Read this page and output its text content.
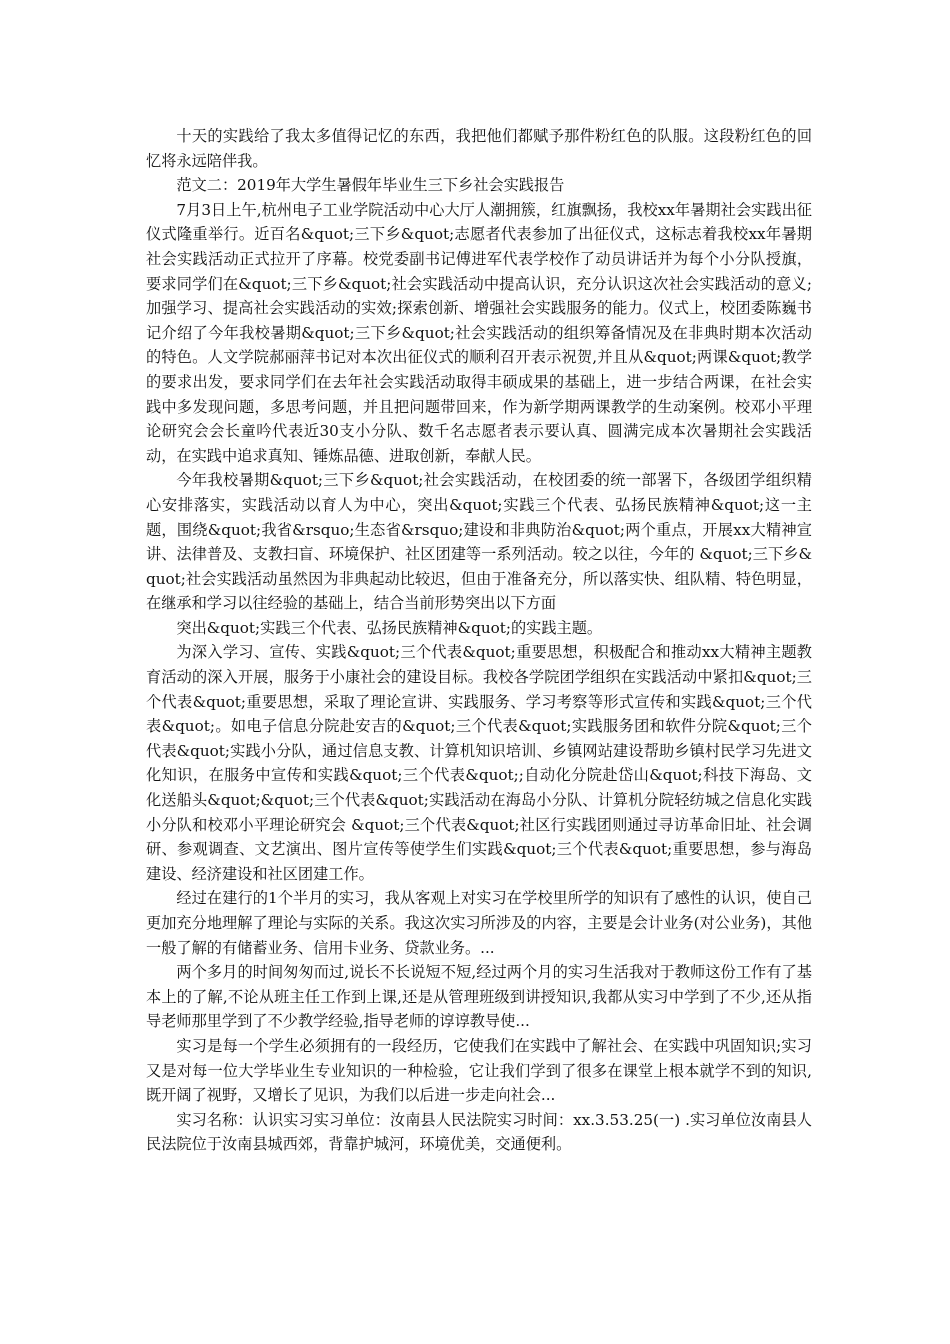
十天的实践给了我太多值得记忆的东西，我把他们都赋予那件粉红色的队服。这段粉红色的回忆将永远陪伴我。

范文二：2019年大学生暑假年毕业生三下乡社会实践报告

7月3日上午,杭州电子工业学院活动中心大厅人潮拥簇，红旗飘扬，我校xx年暑期社会实践出征仪式隆重举行。近百名&quot;三下乡&quot;志愿者代表参加了出征仪式，这标志着我校xx年暑期社会实践活动正式拉开了序幕。校党委副书记傅进军代表学校作了动员讲话并为每个小分队授旗，要求同学们在&quot;三下乡&quot;社会实践活动中提高认识，充分认识这次社会实践活动的意义;加强学习、提高社会实践活动的实效;探索创新、增强社会实践服务的能力。仪式上，校团委陈巍书记介绍了今年我校暑期&quot;三下乡&quot;社会实践活动的组织筹备情况及在非典时期本次活动的特色。人文学院郝丽萍书记对本次出征仪式的顺利召开表示祝贺,并且从&quot;两课&quot;教学的要求出发，要求同学们在去年社会实践活动取得丰硕成果的基础上，进一步结合两课，在社会实践中多发现问题，多思考问题，并且把问题带回来，作为新学期两课教学的生动案例。校邓小平理论研究会会长童吟代表近30支小分队、数千名志愿者表示要认真、圆满完成本次暑期社会实践活动，在实践中追求真知、锤炼品德、进取创新，奉献人民。

今年我校暑期&quot;三下乡&quot;社会实践活动，在校团委的统一部署下，各级团学组织精心安排落实，实践活动以育人为中心，突出&quot;实践三个代表、弘扬民族精神&quot;这一主题，围绕&quot;我省&rsquo;生态省&rsquo;建设和非典防治&quot;两个重点，开展xx大精神宣讲、法律普及、支教扫盲、环境保护、社区团建等一系列活动。较之以往，今年的 &quot;三下乡&quot;社会实践活动虽然因为非典起动比较迟，但由于准备充分，所以落实快、组队精、特色明显，在继承和学习以往经验的基础上，结合当前形势突出以下方面

突出&quot;实践三个代表、弘扬民族精神&quot;的实践主题。

为深入学习、宣传、实践&quot;三个代表&quot;重要思想，积极配合和推动xx大精神主题教育活动的深入开展，服务于小康社会的建设目标。我校各学院团学组织在实践活动中紧扣&quot;三个代表&quot;重要思想，采取了理论宣讲、实践服务、学习考察等形式宣传和实践&quot;三个代表&quot;。如电子信息分院赴安吉的&quot;三个代表&quot;实践服务团和软件分院&quot;三个代表&quot;实践小分队，通过信息支教、计算机知识培训、乡镇网站建设帮助乡镇村民学习先进文化知识，在服务中宣传和实践&quot;三个代表&quot;;自动化分院赴岱山&quot;科技下海岛、文化送船头&quot;&quot;三个代表&quot;实践活动在海岛小分队、计算机分院轻纺城之信息化实践小分队和校邓小平理论研究会 &quot;三个代表&quot;社区行实践团则通过寻访革命旧址、社会调研、参观调查、文艺演出、图片宣传等使学生们实践&quot;三个代表&quot;重要思想，参与海岛建设、经济建设和社区团建工作。

经过在建行的1个半月的实习，我从客观上对实习在学校里所学的知识有了感性的认识，使自己更加充分地理解了理论与实际的关系。我这次实习所涉及的内容，主要是会计业务(对公业务)，其他一般了解的有储蓄业务、信用卡业务、贷款业务。...

两个多月的时间匆匆而过,说长不长说短不短,经过两个月的实习生活我对于教师这份工作有了基本上的了解,不论从班主任工作到上课,还是从管理班级到讲授知识,我都从实习中学到了不少,还从指导老师那里学到了不少教学经验,指导老师的谆谆教导使...

实习是每一个学生必须拥有的一段经历，它使我们在实践中了解社会、在实践中巩固知识;实习又是对每一位大学毕业生专业知识的一种检验，它让我们学到了很多在课堂上根本就学不到的知识,既开阔了视野，又增长了见识，为我们以后进一步走向社会...

实习名称：认识实习实习单位：汝南县人民法院实习时间：xx.3.53.25(一) .实习单位汝南县人民法院位于汝南县城西郊，背靠护城河，环境优美，交通便利。
